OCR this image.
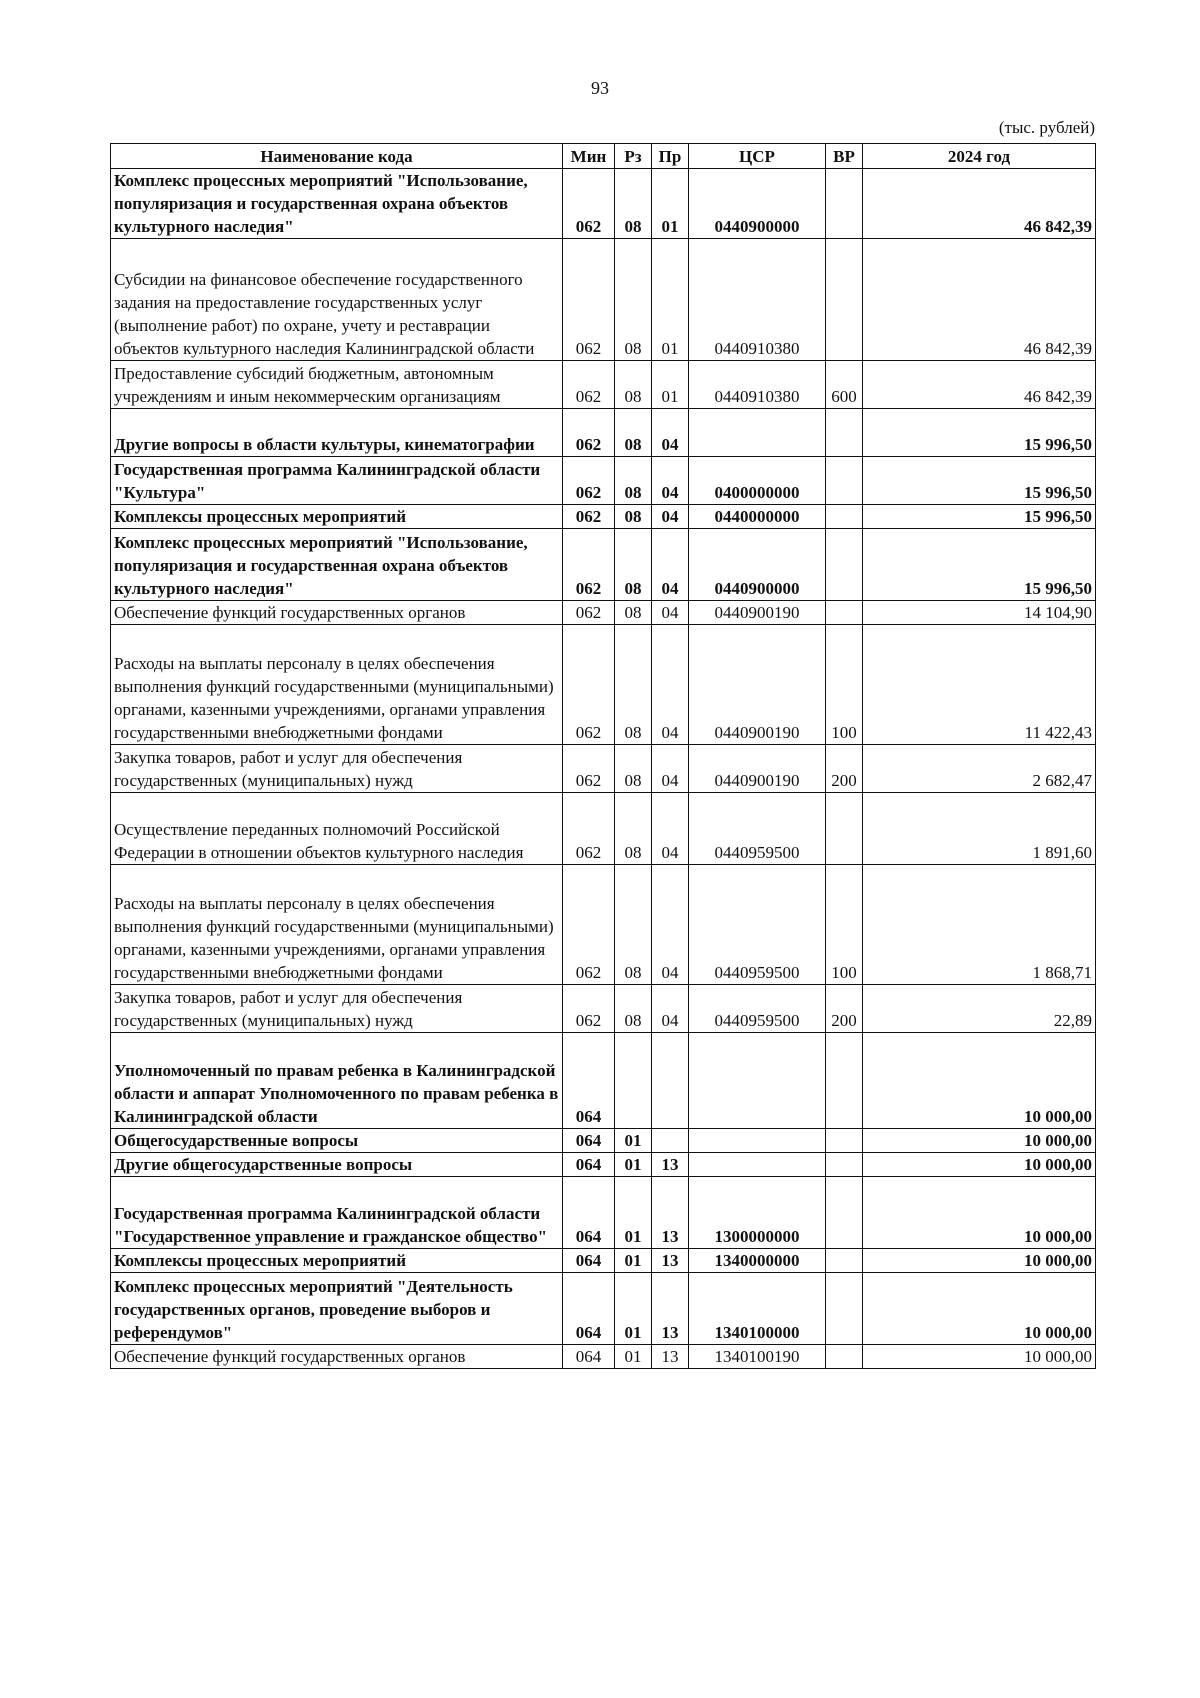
93
(тыс. рублей)
Наименование кода	Мин	Рз	Пр	ЦСР	ВР	2024 год
Комплекс процессных мероприятий "Использование, популяризация и государственная охрана объектов культурного наследия"	062	08	01	0440900000		46 842,39
Субсидии на финансовое обеспечение государственного задания на предоставление государственных услуг (выполнение работ) по охране, учету и реставрации объектов культурного наследия Калининградской области	062	08	01	0440910380		46 842,39
Предоставление субсидий бюджетным, автономным учреждениям и иным некоммерческим организациям	062	08	01	0440910380	600	46 842,39
Другие вопросы в области культуры, кинематографии	062	08	04			15 996,50
Государственная программа Калининградской области "Культура"	062	08	04	0400000000		15 996,50
Комплексы процессных мероприятий	062	08	04	0440000000		15 996,50
Комплекс процессных мероприятий "Использование, популяризация и государственная охрана объектов культурного наследия"	062	08	04	0440900000		15 996,50
Обеспечение функций государственных органов	062	08	04	0440900190		14 104,90
Расходы на выплаты персоналу в целях обеспечения выполнения функций государственными (муниципальными) органами, казенными учреждениями, органами управления государственными внебюджетными фондами	062	08	04	0440900190	100	11 422,43
Закупка товаров, работ и услуг для обеспечения государственных (муниципальных) нужд	062	08	04	0440900190	200	2 682,47
Осуществление переданных полномочий Российской Федерации в отношении объектов культурного наследия	062	08	04	0440959500		1 891,60
Расходы на выплаты персоналу в целях обеспечения выполнения функций государственными (муниципальными) органами, казенными учреждениями, органами управления государственными внебюджетными фондами	062	08	04	0440959500	100	1 868,71
Закупка товаров, работ и услуг для обеспечения государственных (муниципальных) нужд	062	08	04	0440959500	200	22,89
Уполномоченный по правам ребенка в Калининградской области и аппарат Уполномоченного по правам ребенка в Калининградской области	064					10 000,00
Общегосударственные вопросы	064	01				10 000,00
Другие общегосударственные вопросы	064	01	13			10 000,00
Государственная программа Калининградской области "Государственное управление и гражданское общество"	064	01	13	1300000000		10 000,00
Комплексы процессных мероприятий	064	01	13	1340000000		10 000,00
Комплекс процессных мероприятий "Деятельность государственных органов, проведение выборов и референдумов"	064	01	13	1340100000		10 000,00
Обеспечение функций государственных органов	064	01	13	1340100190		10 000,00
